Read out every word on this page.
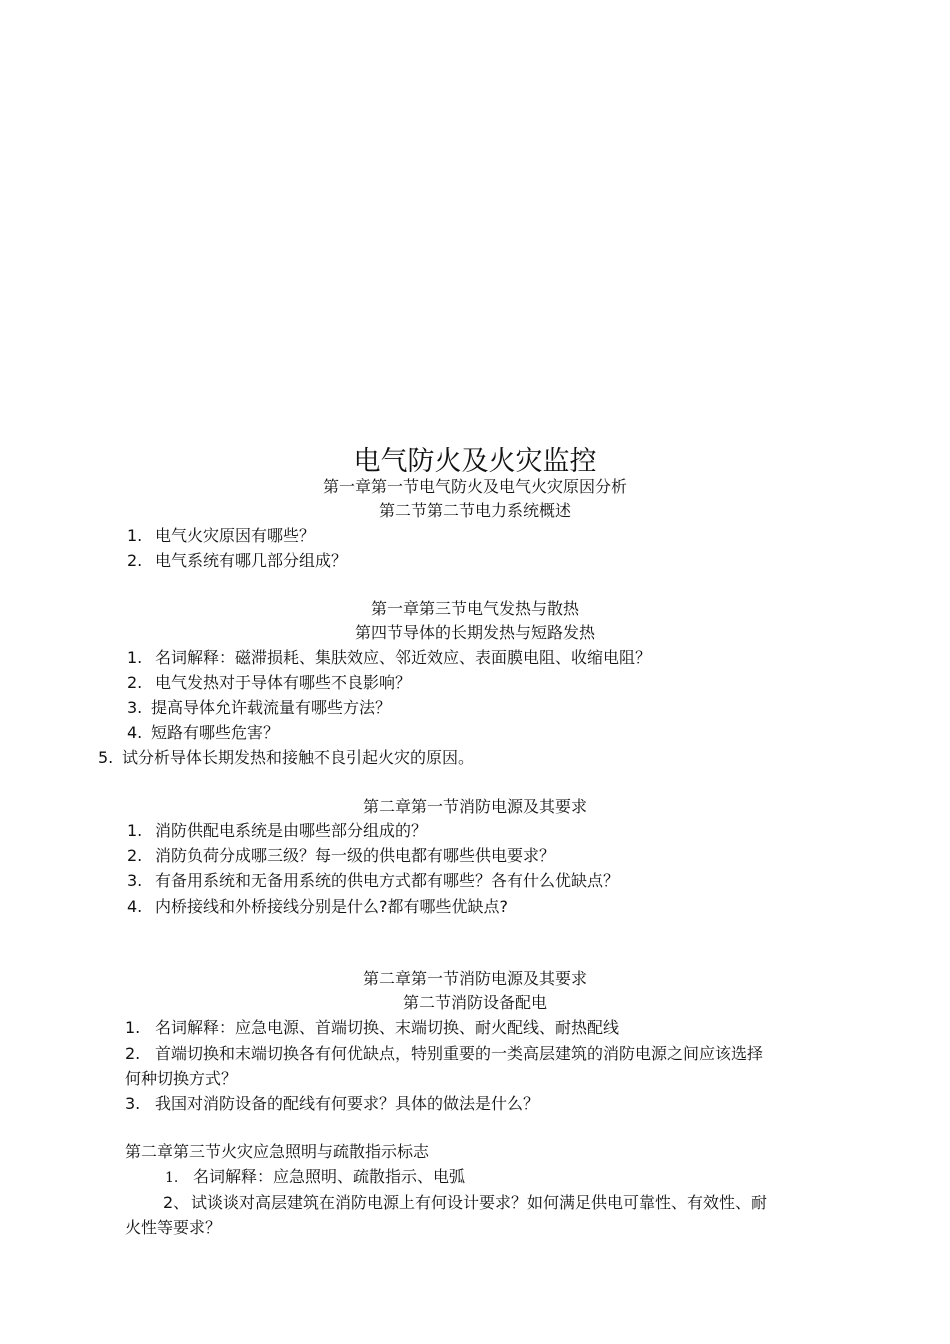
电气防火及火灾监控
第一章第一节电气防火及电气火灾原因分析
第二节第二节电力系统概述
1. 电气火灾原因有哪些？
2. 电气系统有哪几部分组成？
第一章第三节电气发热与散热
第四节导体的长期发热与短路发热
1. 名词解释：磁滞损耗、集肤效应、邻近效应、表面膜电阻、收缩电阻？
2. 电气发热对于导体有哪些不良影响？
3. 提高导体允许载流量有哪些方法？
4. 短路有哪些危害？
5. 试分析导体长期发热和接触不良引起火灾的原因。
第二章第一节消防电源及其要求
1. 消防供配电系统是由哪些部分组成的？
2. 消防负荷分成哪三级？每一级的供电都有哪些供电要求？
3. 有备用系统和无备用系统的供电方式都有哪些？各有什么优缺点？
4. 内桥接线和外桥接线分别是什么?都有哪些优缺点?
第二章第一节消防电源及其要求
第二节消防设备配电
1. 名词解释：应急电源、首端切换、末端切换、耐火配线、耐热配线
2. 首端切换和末端切换各有何优缺点，特别重要的一类高层建筑的消防电源之间应该选择
何种切换方式？
3. 我国对消防设备的配线有何要求？具体的做法是什么？
第二章第三节火灾应急照明与疏散指示标志
1. 名词解释：应急照明、疏散指示、电弧
2、 试谈谈对高层建筑在消防电源上有何设计要求？如何满足供电可靠性、有效性、耐
火性等要求？
